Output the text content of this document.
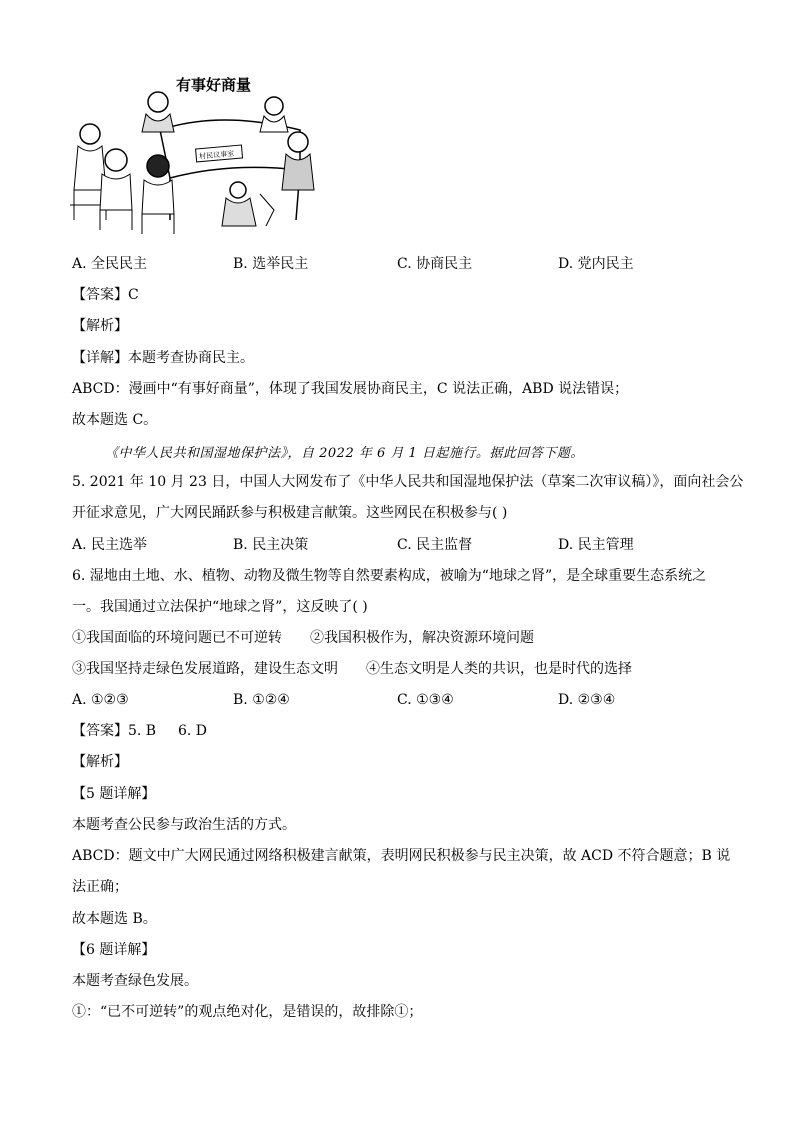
有事好商量
村民议事室
A. 全民民主	B. 选举民主	C. 协商民主	D. 党内民主
【答案】C
【解析】
【详解】本题考查协商民主。
ABCD：漫画中“有事好商量”，体现了我国发展协商民主，C 说法正确，ABD 说法错误；
故本题选 C。
《中华人民共和国湿地保护法》，自 2022 年 6 月 1 日起施行。据此回答下题。
5. 2021 年 10 月 23 日，中国人大网发布了《中华人民共和国湿地保护法（草案二次审议稿）》，面向社会公
开征求意见，广大网民踊跃参与积极建言献策。这些网民在积极参与( )
A. 民主选举	B. 民主决策	C. 民主监督	D. 民主管理
6. 湿地由土地、水、植物、动物及微生物等自然要素构成，被喻为“地球之肾”，是全球重要生态系统之
一。我国通过立法保护“地球之肾”，这反映了( )
①我国面临的环境问题已不可逆转 ②我国积极作为，解决资源环境问题
③我国坚持走绿色发展道路，建设生态文明 ④生态文明是人类的共识，也是时代的选择
A. ①②③	B. ①②④	C. ①③④	D. ②③④
【答案】5. B 6. D
【解析】
【5 题详解】
本题考查公民参与政治生活的方式。
ABCD：题文中广大网民通过网络积极建言献策，表明网民积极参与民主决策，故 ACD 不符合题意；B 说
法正确；
故本题选 B。
【6 题详解】
本题考查绿色发展。
①：“已不可逆转”的观点绝对化，是错误的，故排除①；
